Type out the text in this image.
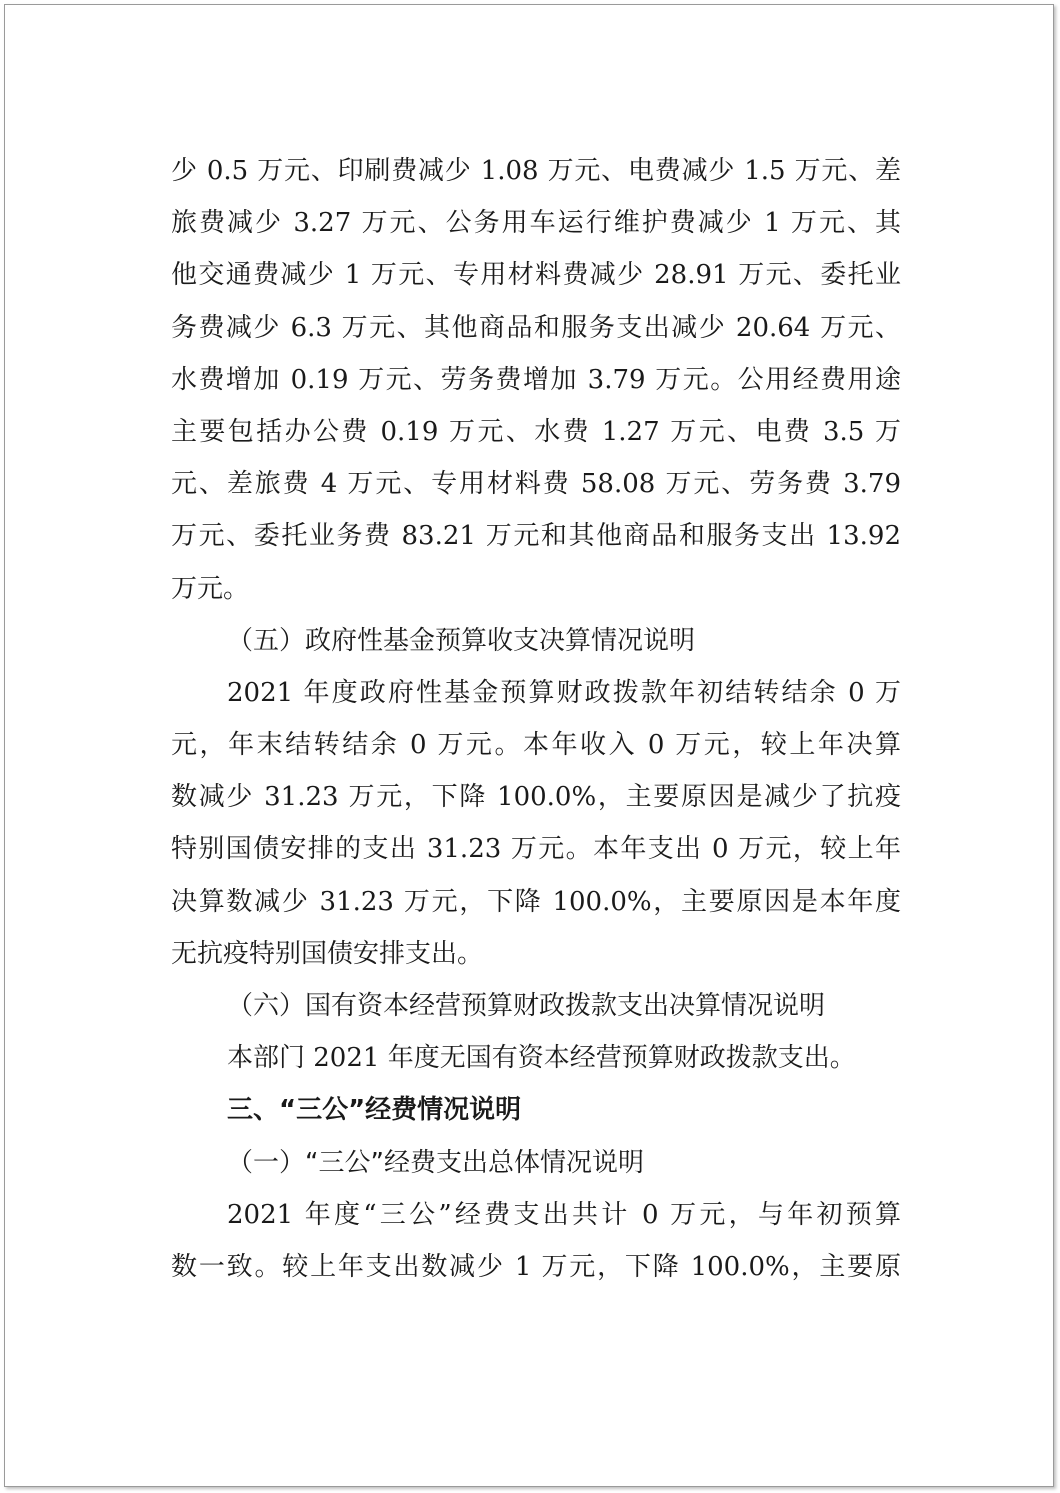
少 0.5 万元、印刷费减少 1.08 万元、电费减少 1.5 万元、差
旅费减少 3.27 万元、公务用车运行维护费减少 1 万元、其
他交通费减少 1 万元、专用材料费减少 28.91 万元、委托业
务费减少 6.3 万元、其他商品和服务支出减少 20.64 万元、
水费增加 0.19 万元、劳务费增加 3.79 万元。公用经费用途
主要包括办公费 0.19 万元、水费 1.27 万元、电费 3.5 万
元、差旅费 4 万元、专用材料费 58.08 万元、劳务费 3.79
万元、委托业务费 83.21 万元和其他商品和服务支出 13.92
万元。
（五）政府性基金预算收支决算情况说明
2021 年度政府性基金预算财政拨款年初结转结余 0 万
元，年末结转结余 0 万元。本年收入 0 万元，较上年决算
数减少 31.23 万元，下降 100.0%，主要原因是减少了抗疫
特别国债安排的支出 31.23 万元。本年支出 0 万元，较上年
决算数减少 31.23 万元，下降 100.0%，主要原因是本年度
无抗疫特别国债安排支出。
（六）国有资本经营预算财政拨款支出决算情况说明
本部门 2021 年度无国有资本经营预算财政拨款支出。
三、“三公”经费情况说明
（一）“三公”经费支出总体情况说明
2021 年度“三公”经费支出共计 0 万元，与年初预算
数一致。较上年支出数减少 1 万元，下降 100.0%，主要原
